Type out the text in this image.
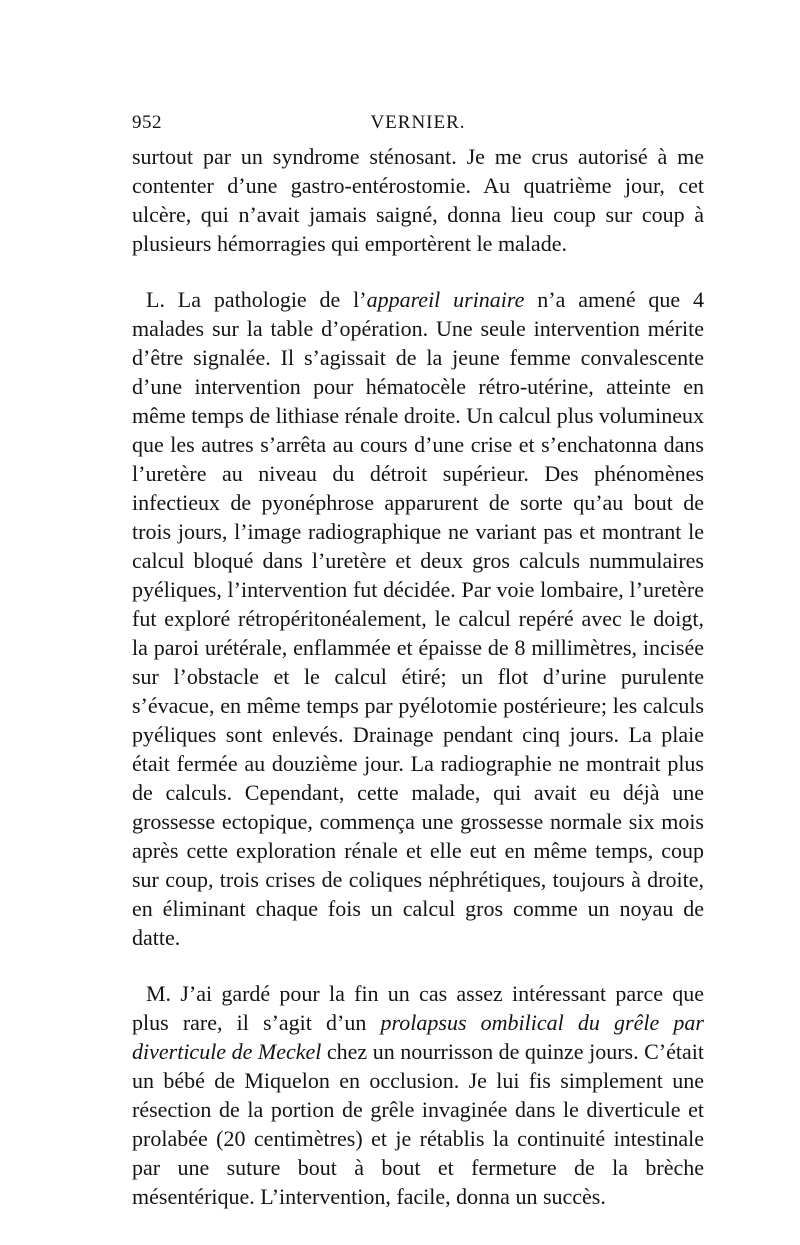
952	VERNIER.

surtout par un syndrome sténosant. Je me crus autorisé à me contenter d’une gastro-entérostomie. Au quatrième jour, cet ulcère, qui n’avait jamais saigné, donna lieu coup sur coup à plusieurs hémorragies qui emportèrent le malade.

L. La pathologie de l’appareil urinaire n’a amené que 4 malades sur la table d’opération. Une seule intervention mérite d’être signalée. Il s’agissait de la jeune femme convalescente d’une intervention pour hématocèle rétro-utérine, atteinte en même temps de lithiase rénale droite. Un calcul plus volumineux que les autres s’arrêta au cours d’une crise et s’enchatonna dans l’uretère au niveau du détroit supérieur. Des phénomènes infectieux de pyonéphrose apparurent de sorte qu’au bout de trois jours, l’image radiographique ne variant pas et montrant le calcul bloqué dans l’uretère et deux gros calculs nummulaires pyéliques, l’intervention fut décidée. Par voie lombaire, l’uretère fut exploré rétropéritonéalement, le calcul repéré avec le doigt, la paroi urétérale, enflammée et épaisse de 8 millimètres, incisée sur l’obstacle et le calcul étiré; un flot d’urine purulente s’évacue, en même temps par pyélotomie postérieure; les calculs pyéliques sont enlevés. Drainage pendant cinq jours. La plaie était fermée au douzième jour. La radiographie ne montrait plus de calculs. Cependant, cette malade, qui avait eu déjà une grossesse ectopique, commença une grossesse normale six mois après cette exploration rénale et elle eut en même temps, coup sur coup, trois crises de coliques néphrétiques, toujours à droite, en éliminant chaque fois un calcul gros comme un noyau de datte.

M. J’ai gardé pour la fin un cas assez intéressant parce que plus rare, il s’agit d’un prolapsus ombilical du grêle par diverticule de Meckel chez un nourrisson de quinze jours. C’était un bébé de Miquelon en occlusion. Je lui fis simplement une résection de la portion de grêle invaginée dans le diverticule et prolabée (20 centimètres) et je rétablis la continuité intestinale par une suture bout à bout et fermeture de la brèche mésentérique. L’intervention, facile, donna un succès.
